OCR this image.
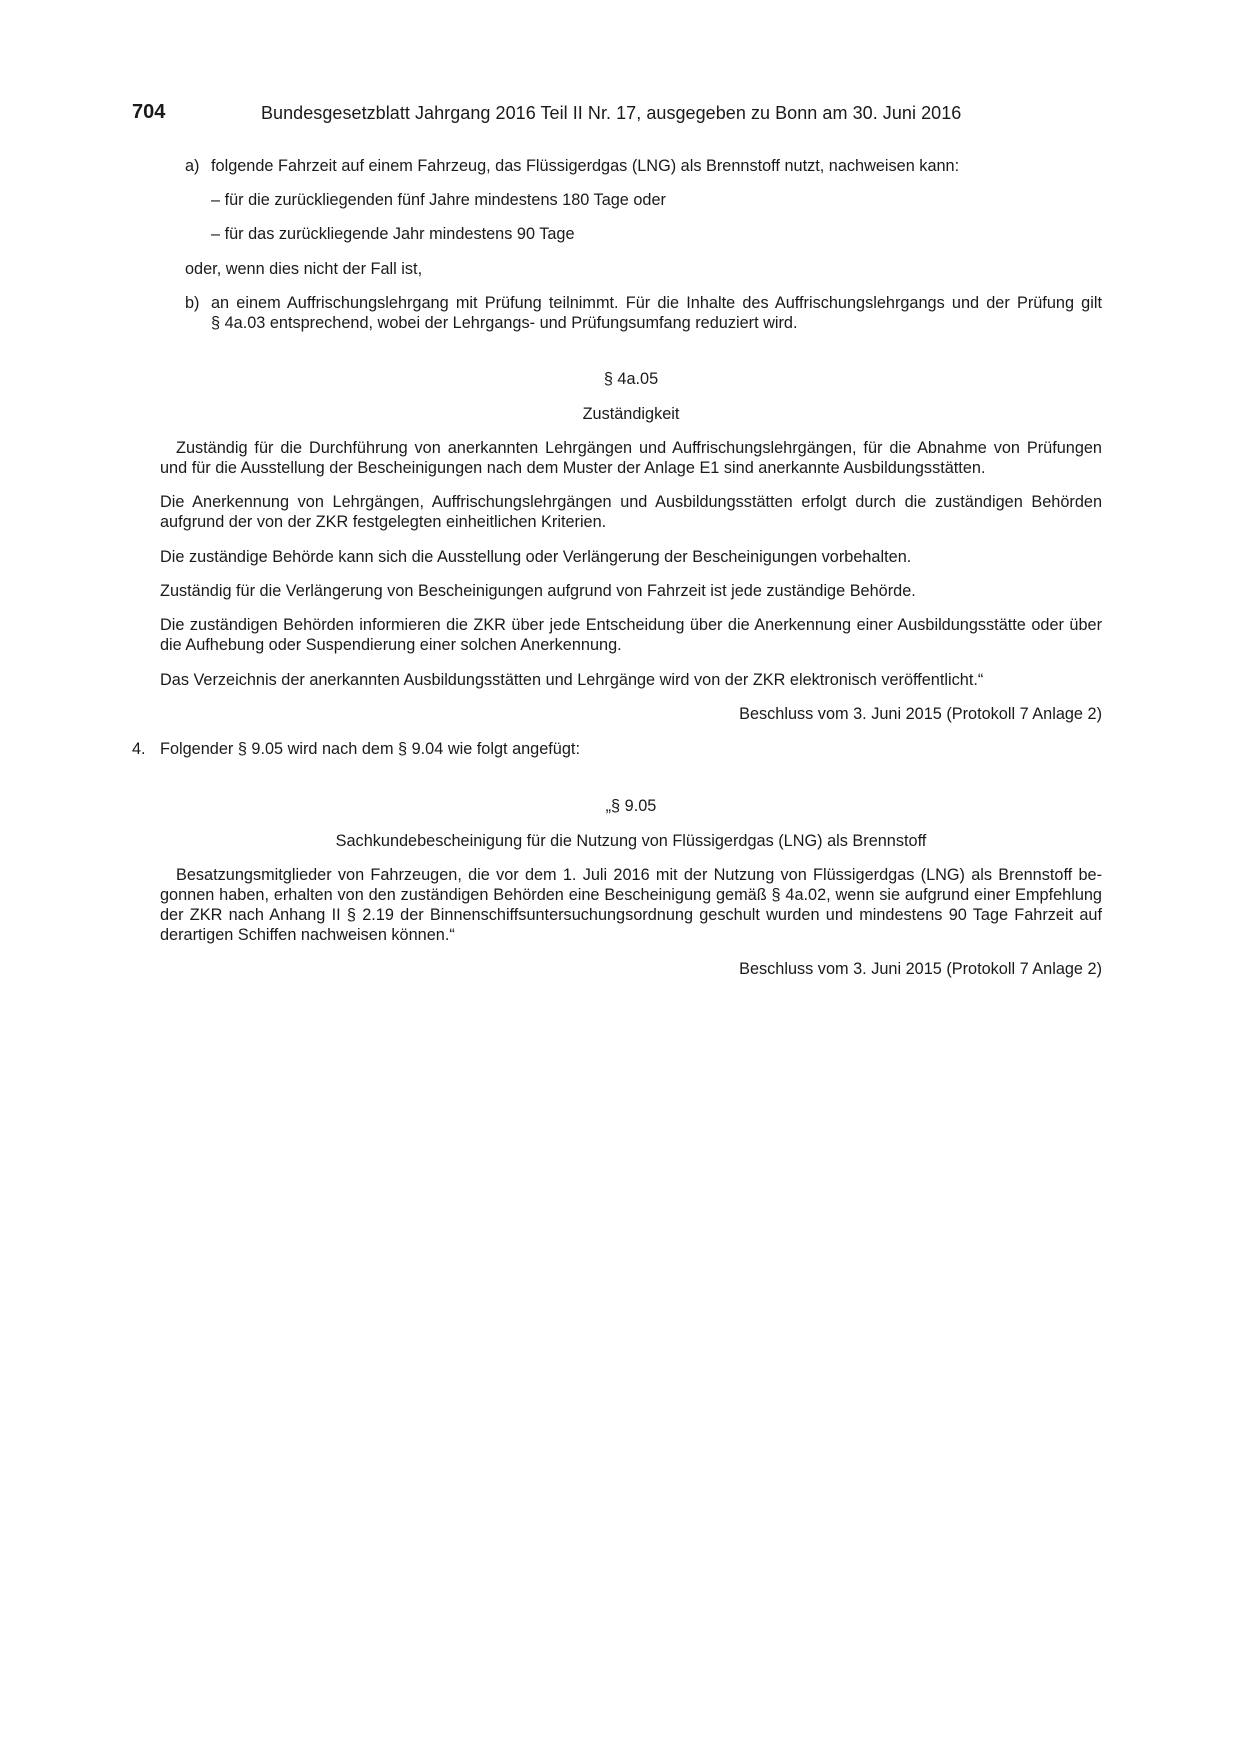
704	Bundesgesetzblatt Jahrgang 2016 Teil II Nr. 17, ausgegeben zu Bonn am 30. Juni 2016
a) folgende Fahrzeit auf einem Fahrzeug, das Flüssigerdgas (LNG) als Brennstoff nutzt, nachweisen kann:
– für die zurückliegenden fünf Jahre mindestens 180 Tage oder
– für das zurückliegende Jahr mindestens 90 Tage
oder, wenn dies nicht der Fall ist,
b) an einem Auffrischungslehrgang mit Prüfung teilnimmt. Für die Inhalte des Auffrischungslehrgangs und der Prüfung gilt
§ 4a.03 entsprechend, wobei der Lehrgangs- und Prüfungsumfang reduziert wird.
§ 4a.05
Zuständigkeit
Zuständig für die Durchführung von anerkannten Lehrgängen und Auffrischungslehrgängen, für die Abnahme von Prüfungen
und für die Ausstellung der Bescheinigungen nach dem Muster der Anlage E1 sind anerkannte Ausbildungsstätten.
Die Anerkennung von Lehrgängen, Auffrischungslehrgängen und Ausbildungsstätten erfolgt durch die zuständigen Behörden
aufgrund der von der ZKR festgelegten einheitlichen Kriterien.
Die zuständige Behörde kann sich die Ausstellung oder Verlängerung der Bescheinigungen vorbehalten.
Zuständig für die Verlängerung von Bescheinigungen aufgrund von Fahrzeit ist jede zuständige Behörde.
Die zuständigen Behörden informieren die ZKR über jede Entscheidung über die Anerkennung einer Ausbildungsstätte oder über
die Aufhebung oder Suspendierung einer solchen Anerkennung.
Das Verzeichnis der anerkannten Ausbildungsstätten und Lehrgänge wird von der ZKR elektronisch veröffentlicht.“
Beschluss vom 3. Juni 2015 (Protokoll 7 Anlage 2)
4. Folgender § 9.05 wird nach dem § 9.04 wie folgt angefügt:
„§ 9.05
Sachkundebescheinigung für die Nutzung von Flüssigerdgas (LNG) als Brennstoff
Besatzungsmitglieder von Fahrzeugen, die vor dem 1. Juli 2016 mit der Nutzung von Flüssigerdgas (LNG) als Brennstoff be-
gonnen haben, erhalten von den zuständigen Behörden eine Bescheinigung gemäß § 4a.02, wenn sie aufgrund einer Empfehlung
der ZKR nach Anhang II § 2.19 der Binnenschiffsuntersuchungsordnung geschult wurden und mindestens 90 Tage Fahrzeit auf
derartigen Schiffen nachweisen können.“
Beschluss vom 3. Juni 2015 (Protokoll 7 Anlage 2)
